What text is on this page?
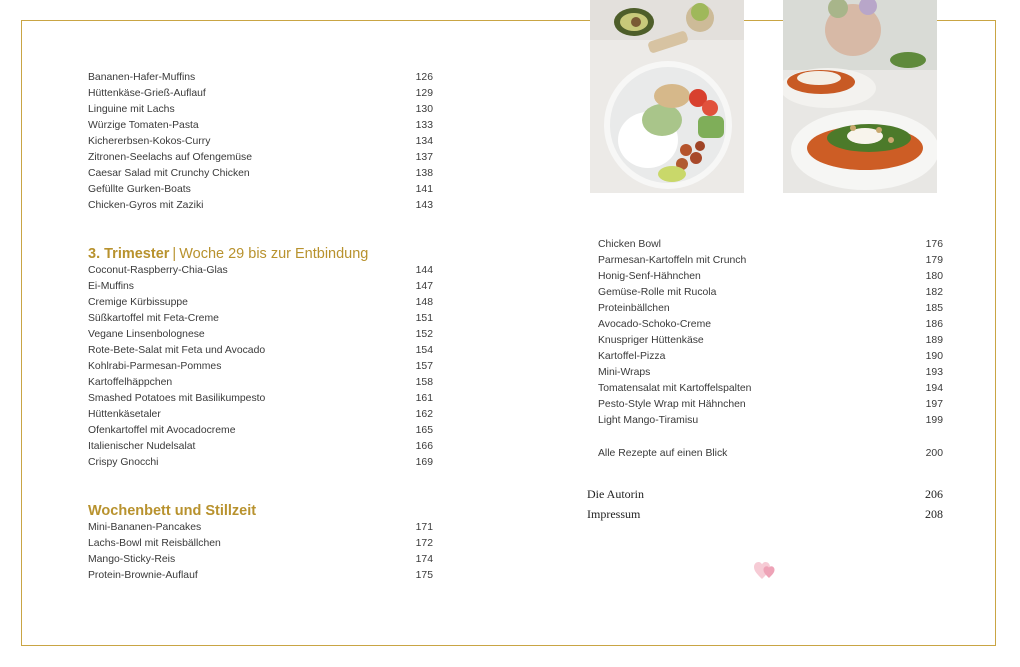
Bananen-Hafer-Muffins	126
Hüttenkäse-Grieß-Auflauf	129
Linguine mit Lachs	130
Würzige Tomaten-Pasta	133
Kichererbsen-Kokos-Curry	134
Zitronen-Seelachs auf Ofengemüse	137
Caesar Salad mit Crunchy Chicken	138
Gefüllte Gurken-Boats	141
Chicken-Gyros mit Zaziki	143
3. Trimester | Woche 29 bis zur Entbindung
Coconut-Raspberry-Chia-Glas	144
Ei-Muffins	147
Cremige Kürbissuppe	148
Süßkartoffel mit Feta-Creme	151
Vegane Linsenbolognese	152
Rote-Bete-Salat mit Feta und Avocado	154
Kohlrabi-Parmesan-Pommes	157
Kartoffelhäppchen	158
Smashed Potatoes mit Basilikumpesto	161
Hüttenkäsetaler	162
Ofenkartoffel mit Avocadocreme	165
Italienischer Nudelsalat	166
Crispy Gnocchi	169
Wochenbett und Stillzeit
Mini-Bananen-Pancakes	171
Lachs-Bowl mit Reisbällchen	172
Mango-Sticky-Reis	174
Protein-Brownie-Auflauf	175
Chicken Bowl	176
Parmesan-Kartoffeln mit Crunch	179
Honig-Senf-Hähnchen	180
Gemüse-Rolle mit Rucola	182
Proteinbällchen	185
Avocado-Schoko-Creme	186
Knuspriger Hüttenkäse	189
Kartoffel-Pizza	190
Mini-Wraps	193
Tomatensalat mit Kartoffelspalten	194
Pesto-Style Wrap mit Hähnchen	197
Light Mango-Tiramisu	199
Alle Rezepte auf einen Blick	200
Die Autorin	206
Impressum	208
